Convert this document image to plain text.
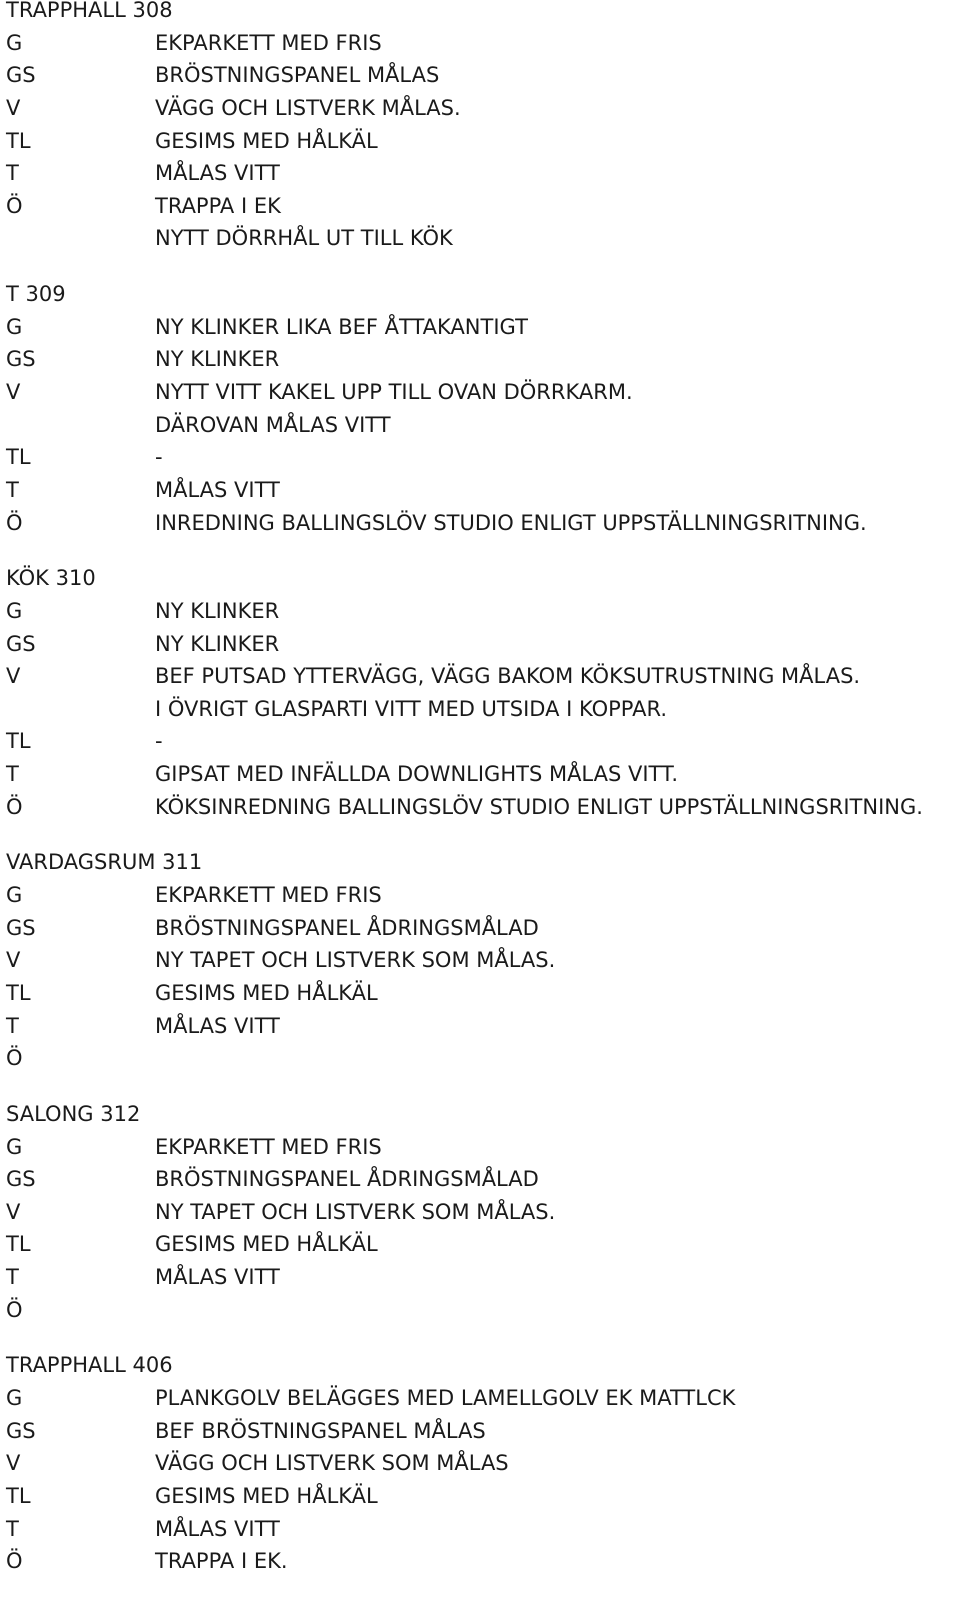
TRAPPHALL 308
G	EKPARKETT MED FRIS
GS	BRÖSTNINGSPANEL MÅLAS
V	VÄGG OCH LISTVERK MÅLAS.
TL	GESIMS MED HÅLKÄL
T	MÅLAS VITT
Ö	TRAPPA I EK
NYTT DÖRRHÅL UT TILL KÖK
T 309
G	NY KLINKER LIKA BEF ÅTTAKANTIGT
GS	NY KLINKER
V	NYTT VITT KAKEL UPP TILL OVAN DÖRRKARM.
DÄROVAN MÅLAS VITT
TL	-
T	MÅLAS VITT
Ö	INREDNING BALLINGSLÖV STUDIO ENLIGT UPPSTÄLLNINGSRITNING.
KÖK 310
G	NY KLINKER
GS	NY KLINKER
V	BEF PUTSAD YTTERVÄGG, VÄGG BAKOM KÖKSUTRUSTNING MÅLAS.
I ÖVRIGT GLASPARTI VITT MED UTSIDA I KOPPAR.
TL	-
T	GIPSAT MED INFÄLLDA DOWNLIGHTS MÅLAS VITT.
Ö	KÖKSINREDNING BALLINGSLÖV STUDIO ENLIGT UPPSTÄLLNINGSRITNING.
VARDAGSRUM 311
G	EKPARKETT MED FRIS
GS	BRÖSTNINGSPANEL ÅDRINGSMÅLAD
V	NY TAPET OCH LISTVERK SOM MÅLAS.
TL	GESIMS MED HÅLKÄL
T	MÅLAS VITT
Ö
SALONG 312
G	EKPARKETT MED FRIS
GS	BRÖSTNINGSPANEL ÅDRINGSMÅLAD
V	NY TAPET OCH LISTVERK SOM MÅLAS.
TL	GESIMS MED HÅLKÄL
T	MÅLAS VITT
Ö
TRAPPHALL 406
G	PLANKGOLV BELÄGGES MED LAMELLGOLV EK MATTLCK
GS	BEF BRÖSTNINGSPANEL MÅLAS
V	VÄGG OCH LISTVERK SOM MÅLAS
TL	GESIMS MED HÅLKÄL
T	MÅLAS VITT
Ö	TRAPPA I EK.
